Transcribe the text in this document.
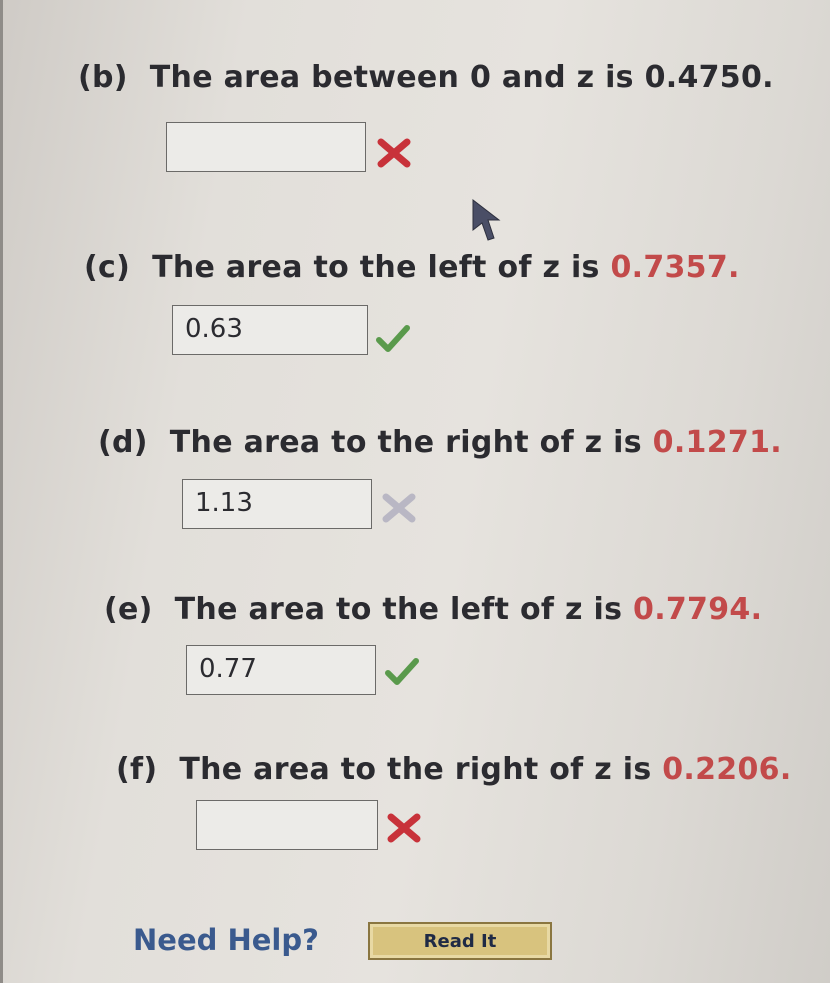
(b) The area between 0 and z is 0.4750.
(c) The area to the left of z is 0.7357.
0.63
(d) The area to the right of z is 0.1271.
1.13
(e) The area to the left of z is 0.7794.
0.77
(f) The area to the right of z is 0.2206.
Need Help?	Read It
